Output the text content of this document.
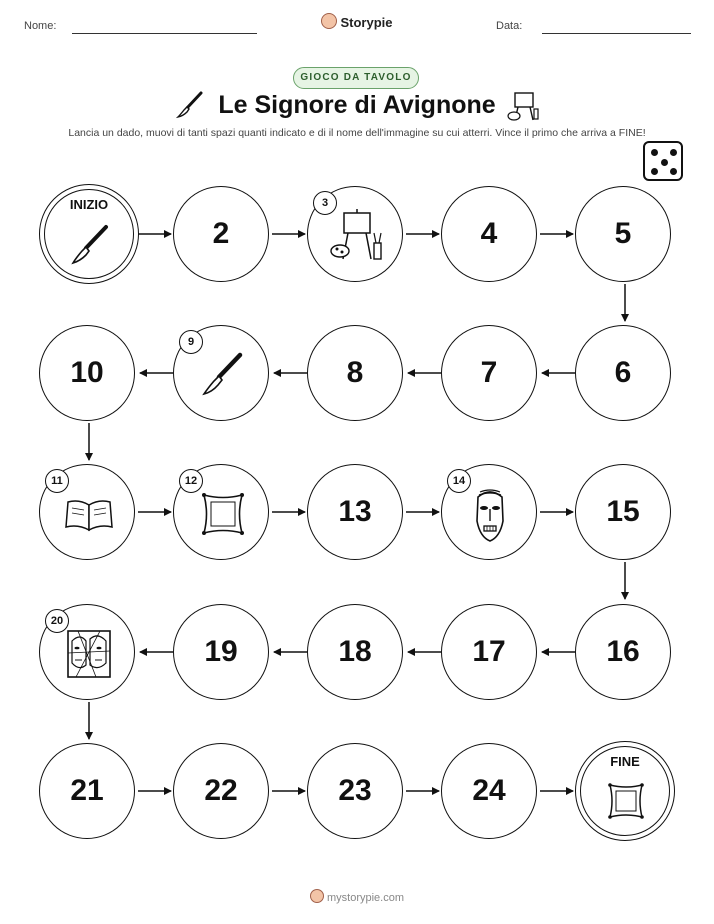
Nome:	Storypie	Data:
GIOCO DA TAVOLO
Le Signore di Avignone
Lancia un dado, muovi di tanti spazi quanti indicato e di il nome dell'immagine su cui atterri. Vince il primo che arriva a FINE!
INIZIO
2
3
4	5
6
7
8
9
10
11	12
13
14
15
16
17
18
19
20
21	22	23	24
FINE
mystorypie.com
